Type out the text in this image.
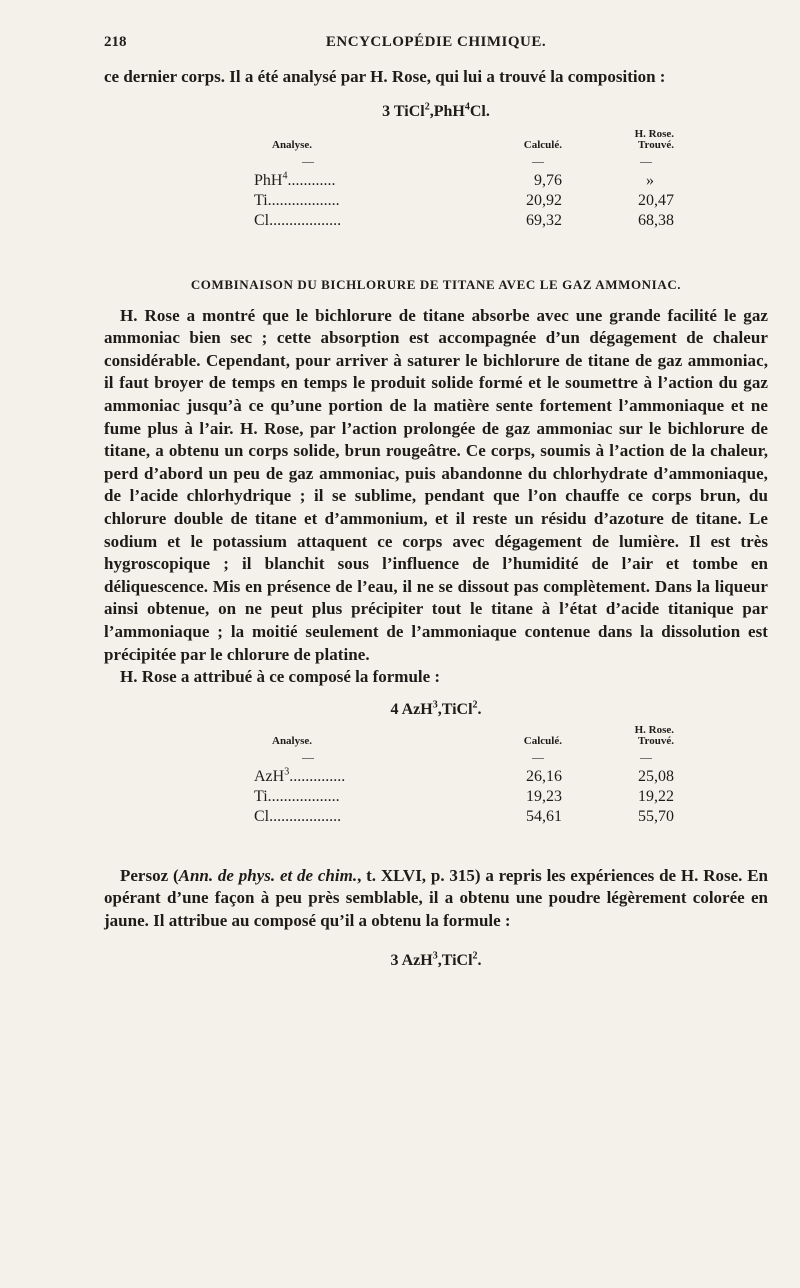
218	ENCYCLOPÉDIE CHIMIQUE.

ce dernier corps. Il a été analysé par H. Rose, qui lui a trouvé la composition :

3 TiCl$^2$,PhH$^4$Cl.
Analyse.	Calculé.	H. Rose.
Trouvé.

—	—	—
PhH$^4$............	9,76	»
Ti..................	20,92	20,47
Cl..................	69,32	68,38
COMBINAISON DU BICHLORURE DE TITANE AVEC LE GAZ AMMONIAC.

H. Rose a montré que le bichlorure de titane absorbe avec une grande facilité le gaz ammoniac bien sec ; cette absorption est accompagnée d’un dégagement de chaleur considérable. Cependant, pour arriver à saturer le bichlorure de titane de gaz ammoniac, il faut broyer de temps en temps le produit solide formé et le soumettre à l’action du gaz ammoniac jusqu’à ce qu’une portion de la matière sente fortement l’ammoniaque et ne fume plus à l’air. H. Rose, par l’action prolongée de gaz ammoniac sur le bichlorure de titane, a obtenu un corps solide, brun rougeâtre. Ce corps, soumis à l’action de la chaleur, perd d’abord un peu de gaz ammoniac, puis abandonne du chlorhydrate d’ammoniaque, de l’acide chlorhydrique ; il se sublime, pendant que l’on chauffe ce corps brun, du chlorure double de titane et d’ammonium, et il reste un résidu d’azoture de titane. Le sodium et le potassium attaquent ce corps avec dégagement de lumière. Il est très hygroscopique ; il blanchit sous l’influence de l’humidité de l’air et tombe en déliquescence. Mis en présence de l’eau, il ne se dissout pas complètement. Dans la liqueur ainsi obtenue, on ne peut plus précipiter tout le titane à l’état d’acide titanique par l’ammoniaque ; la moitié seulement de l’ammoniaque contenue dans la dissolution est précipitée par le chlorure de platine.

H. Rose a attribué à ce composé la formule :

4 AzH$^3$,TiCl$^2$.
Analyse.	Calculé.	H. Rose.
Trouvé.

—	—	—
AzH$^3$..............	26,16	25,08
Ti..................	19,23	19,22
Cl..................	54,61	55,70

Persoz (Ann. de phys. et de chim., t. XLVI, p. 315) a repris les expériences de H. Rose. En opérant d’une façon à peu près semblable, il a obtenu une poudre légèrement colorée en jaune. Il attribue au composé qu’il a obtenu la formule :

3 AzH$^3$,TiCl$^2$.
